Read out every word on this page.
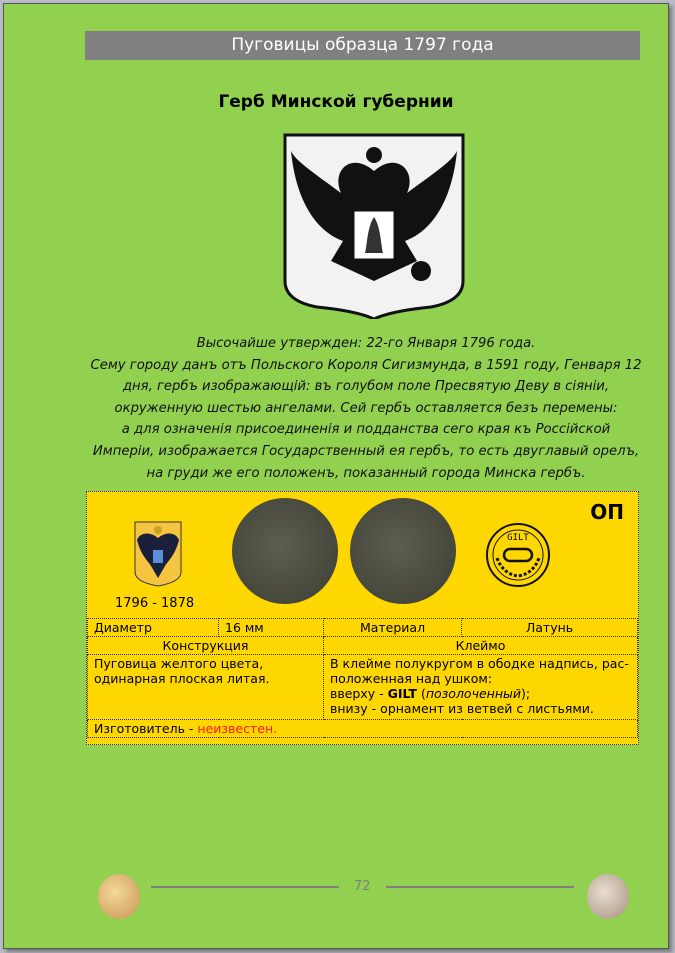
Пуговицы образца 1797 года
Герб Минской губернии
Высочайше утвержден: 22-го Января 1796 года.
Сему городу данъ отъ Польского Короля Сигизмунда, в 1591 году, Генваря 12
дня, гербъ изображающій: въ голубом поле Пресвятую Деву в сіяніи,
окруженную шестью ангелами. Сей гербъ оставляется безъ перемены:
а для означенія присоединенія и подданства сего края къ Россійской
Имперіи, изображается Государственный ея гербъ, то есть двуглавый орелъ,
на груди же его положенъ, показанный города Минска гербъ.
ОП
1796 - 1878
GILT
Диаметр	16 мм	Материал	Латунь
Конструкция		Клеймо	
Пуговица желтого цвета, одинарная плоская литая.		В клейме полукругом в ободке надпись, рас-положенная над ушком:
вверху - GILT (позолоченный);
внизу - орнамент из ветвей с листьями.	

Изготовитель - неизвестен.			
72
